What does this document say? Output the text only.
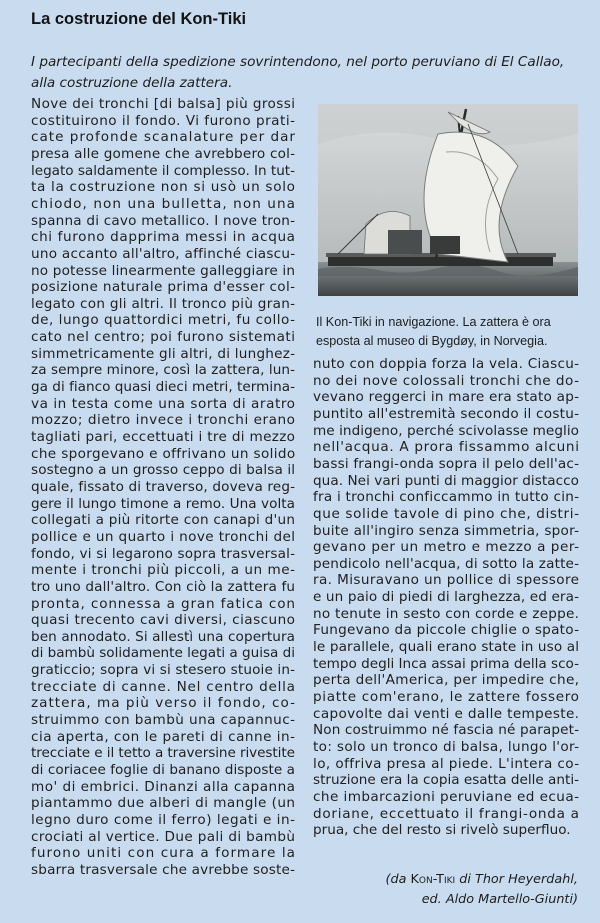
La costruzione del Kon-Tiki
I partecipanti della spedizione sovrintendono, nel porto peruviano di El Callao,
alla costruzione della zattera.
Nove dei tronchi [di balsa] più grossi
costituirono il fondo. Vi furono prati-
cate profonde scanalature per dar
presa alle gomene che avrebbero col-
legato saldamente il complesso. In tut-
ta la costruzione non si usò un solo
chiodo, non una bulletta, non una
spanna di cavo metallico. I nove tron-
chi furono dapprima messi in acqua
uno accanto all'altro, affinché ciascu-
no potesse linearmente galleggiare in
posizione naturale prima d'esser col-
legato con gli altri. Il tronco più gran-
de, lungo quattordici metri, fu collo-
cato nel centro; poi furono sistemati
simmetricamente gli altri, di lunghez-
za sempre minore, così la zattera, lun-
ga di fianco quasi dieci metri, termina-
va in testa come una sorta di aratro
mozzo; dietro invece i tronchi erano
tagliati pari, eccettuati i tre di mezzo
che sporgevano e offrivano un solido
sostegno a un grosso ceppo di balsa il
quale, fissato di traverso, doveva reg-
gere il lungo timone a remo. Una volta
collegati a più ritorte con canapi d'un
pollice e un quarto i nove tronchi del
fondo, vi si legarono sopra trasversal-
mente i tronchi più piccoli, a un me-
tro uno dall'altro. Con ciò la zattera fu
pronta, connessa a gran fatica con
quasi trecento cavi diversi, ciascuno
ben annodato. Si allestì una copertura
di bambù solidamente legati a guisa di
graticcio; sopra vi si stesero stuoie in-
trecciate di canne. Nel centro della
zattera, ma più verso il fondo, co-
struimmo con bambù una capannuc-
cia aperta, con le pareti di canne in-
trecciate e il tetto a traversine rivestite
di coriacee foglie di banano disposte a
mo' di embrici. Dinanzi alla capanna
piantammo due alberi di mangle (un
legno duro come il ferro) legati e in-
crociati al vertice. Due pali di bambù
furono uniti con cura a formare la
sbarra trasversale che avrebbe soste-
Il Kon-Tiki in navigazione. La zattera è ora
esposta al museo di Bygdøy, in Norvegia.
nuto con doppia forza la vela. Ciascu-
no dei nove colossali tronchi che do-
vevano reggerci in mare era stato ap-
puntito all'estremità secondo il costu-
me indigeno, perché scivolasse meglio
nell'acqua. A prora fissammo alcuni
bassi frangi-onda sopra il pelo dell'ac-
qua. Nei vari punti di maggior distacco
fra i tronchi conficcammo in tutto cin-
que solide tavole di pino che, distri-
buite all'ingiro senza simmetria, spor-
gevano per un metro e mezzo a per-
pendicolo nell'acqua, di sotto la zatte-
ra. Misuravano un pollice di spessore
e un paio di piedi di larghezza, ed era-
no tenute in sesto con corde e zeppe.
Fungevano da piccole chiglie o spato-
le parallele, quali erano state in uso al
tempo degli Inca assai prima della sco-
perta dell'America, per impedire che,
piatte com'erano, le zattere fossero
capovolte dai venti e dalle tempeste.
Non costruimmo né fascia né parapet-
to: solo un tronco di balsa, lungo l'or-
lo, offriva presa al piede. L'intera co-
struzione era la copia esatta delle anti-
che imbarcazioni peruviane ed ecua-
doriane, eccettuato il frangi-onda a
prua, che del resto si rivelò superfluo.
(da Kon-Tiki di Thor Heyerdahl,
ed. Aldo Martello-Giunti)
